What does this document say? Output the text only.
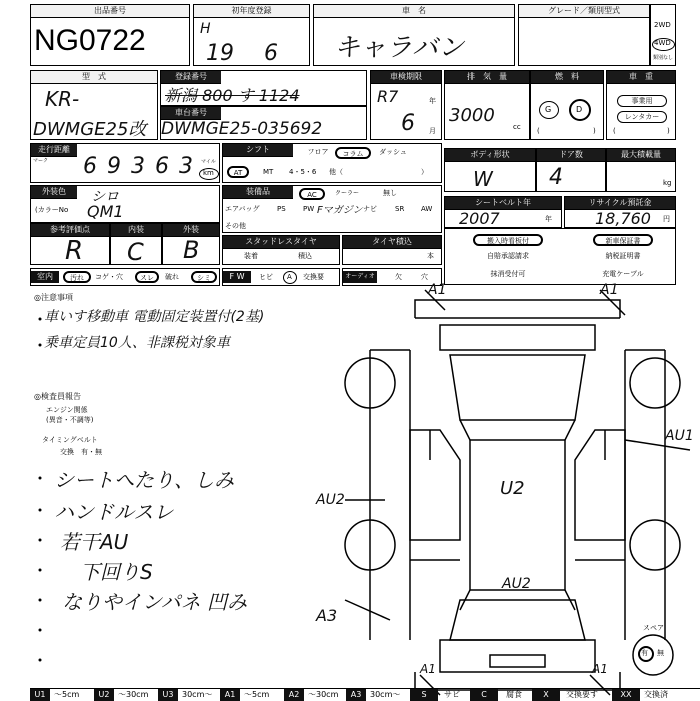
出品番号
NG0722
初年度登録
H
19 6
車　名
キャラバン
グレード／類別型式
2WD
4WD
類別なし
型　式
KR-
DWMGE25改
登録番号
新潟 800 す 1124
車台番号
DWMGE25-035692
車検期限
R7	年
6 月
排　気　量
3000
cc
燃　料
G	D
(	)
車　重
事業用
レンタカー
(	)
走行距離
マーク 6 9 3 6 3 マイル
km
シフト	フロア	コラム	ダッシュ
AT	MT 4・5・6 他（	）
ボディ形状
W
ドア数
4
最大積載量
kg
外装色	シロ
(カラーNo QM1
装備品	AC	クーラー	無し
エアバッグ	PS PW Fマガジン ナビ	SR AW
その他
シートベルト年
2007	年
リサイクル預託金
18,760 円
参考評価点
R
内装
C
外装
B	スタッドレスタイヤ
装着	積込
タイヤ積込
本
搬入時看板付	新車保証書
自賠承認請求	納税証明書
抹消受付可	充電ケーブル
室内	汚れ	コゲ・穴	スレ	破れ	シミ	F W	ヒビ A 交換要	オーディオ	欠	穴
◎注意事項
車いす移動車 電動固定装置付(2基)
乗車定員10人、非課税対象車
◎検査員報告
エンジン関係
(異音・不調等)
タイミングベルト
交換　有・無
シートへたり、しみ
ハンドルスレ
若干AU
下回りS
なりやインパネ 凹み
A1	A1
AU1
U2
AU2
AU2
A3
A1	A1
スペア
有 無
U1	～5cm	U2	～30cm	U3	30cm～	A1	～5cm	A2	～30cm	A3	30cm～	S	サビ	C	腐食	X	交換要す	XX	交換済
